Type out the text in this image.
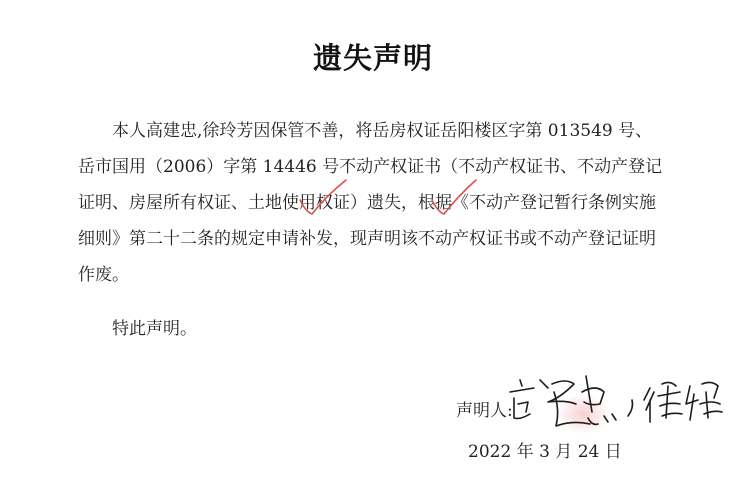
遗失声明

本人高建忠,徐玲芳因保管不善，将岳房权证岳阳楼区字第 013549 号、岳市国用（2006）字第 14446 号不动产权证书（不动产权证书、不动产登记证明、房屋所有权证、土地使用权证）遗失，根据《不动产登记暂行条例实施细则》第二十二条的规定申请补发，现声明该不动产权证书或不动产登记证明作废。

特此声明。
声明人:
2022 年 3 月 24 日
